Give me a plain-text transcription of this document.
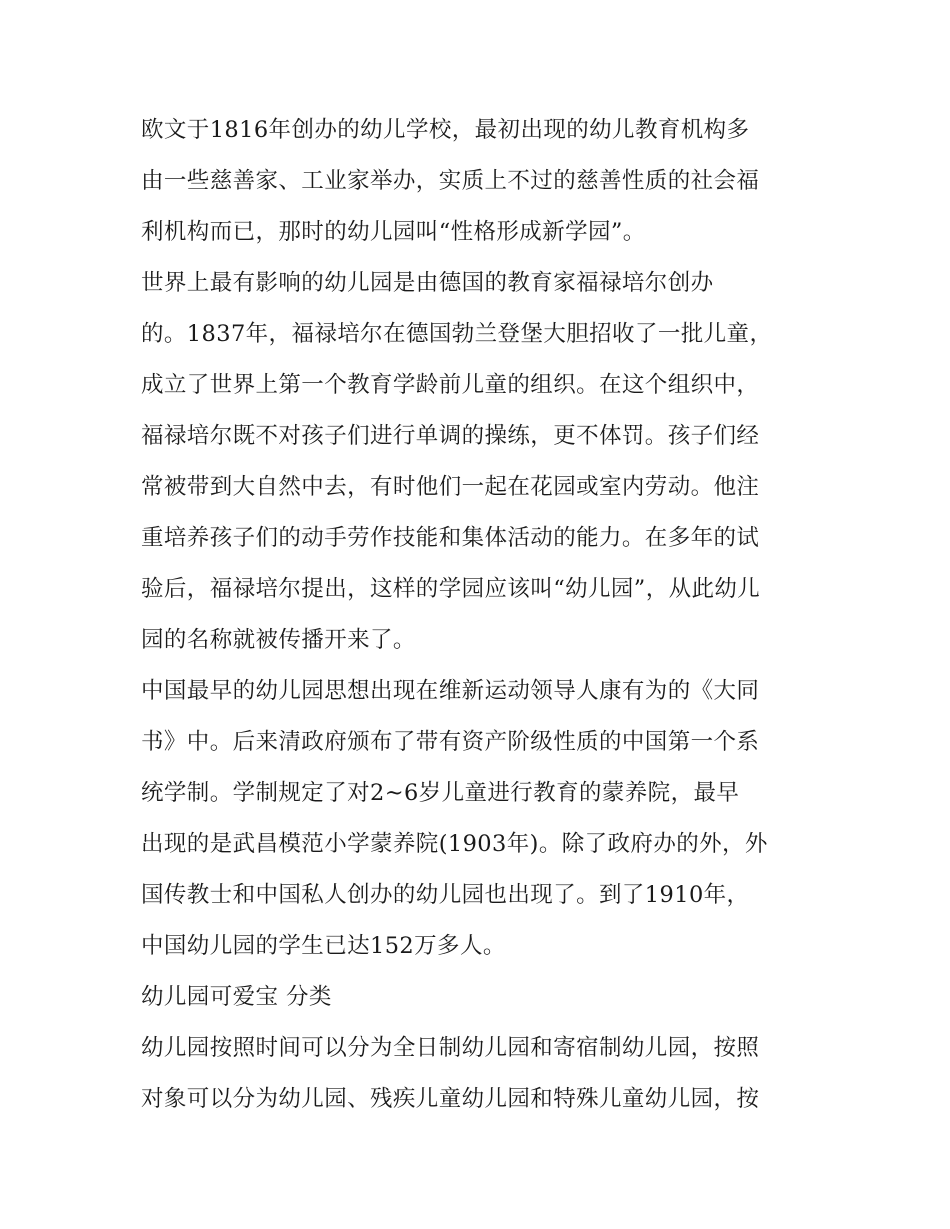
欧文于1816年创办的幼儿学校，最初出现的幼儿教育机构多
由一些慈善家、工业家举办，实质上不过的慈善性质的社会福
利机构而已，那时的幼儿园叫“性格形成新学园”。
世界上最有影响的幼儿园是由德国的教育家福禄培尔创办
的。1837年，福禄培尔在德国勃兰登堡大胆招收了一批儿童，
成立了世界上第一个教育学龄前儿童的组织。在这个组织中，
福禄培尔既不对孩子们进行单调的操练，更不体罚。孩子们经
常被带到大自然中去，有时他们一起在花园或室内劳动。他注
重培养孩子们的动手劳作技能和集体活动的能力。在多年的试
验后，福禄培尔提出，这样的学园应该叫“幼儿园”，从此幼儿
园的名称就被传播开来了。
中国最早的幼儿园思想出现在维新运动领导人康有为的《大同
书》中。后来清政府颁布了带有资产阶级性质的中国第一个系
统学制。学制规定了对2~6岁儿童进行教育的蒙养院，最早
出现的是武昌模范小学蒙养院(1903年)。除了政府办的外，外
国传教士和中国私人创办的幼儿园也出现了。到了1910年，
中国幼儿园的学生已达152万多人。
幼儿园可爱宝 分类
幼儿园按照时间可以分为全日制幼儿园和寄宿制幼儿园，按照
对象可以分为幼儿园、残疾儿童幼儿园和特殊儿童幼儿园，按
